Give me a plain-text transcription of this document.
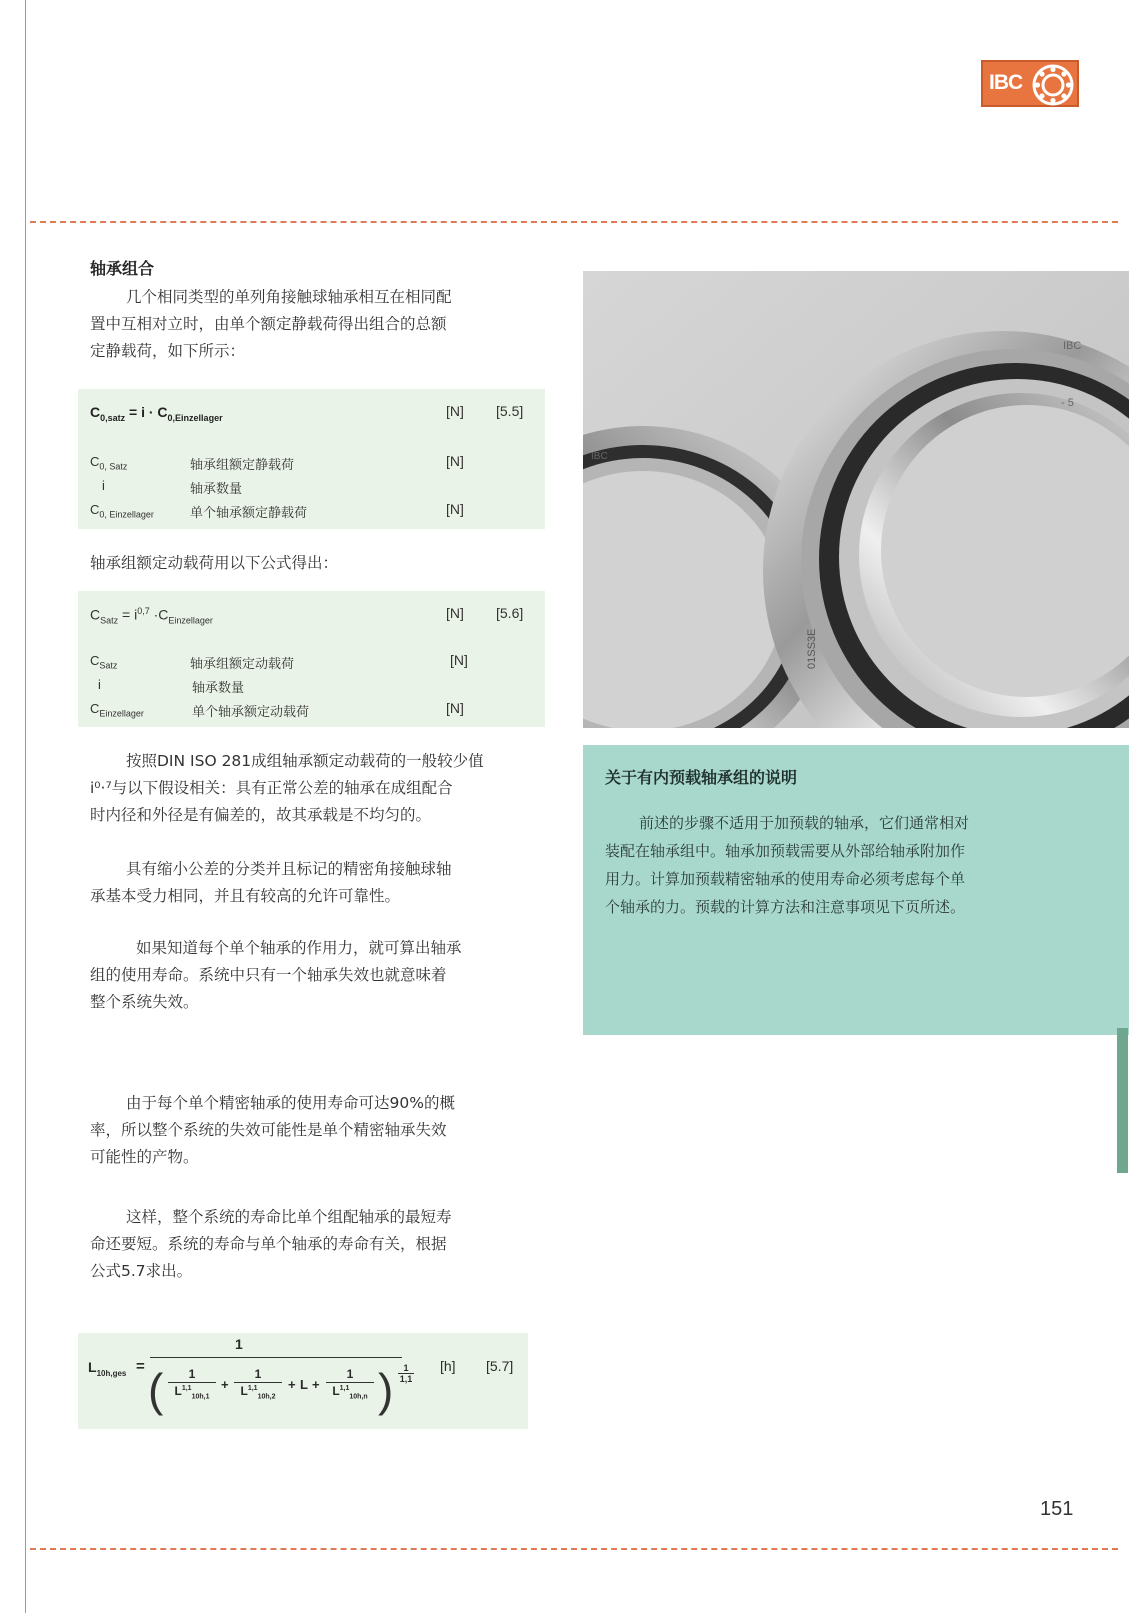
IBC
轴承组合

几个相同类型的单列角接触球轴承相互在相同配

置中互相对立时，由单个额定静载荷得出组合的总额

定静载荷，如下所示：

$C_{0,satz} = i \cdot C_{0,Einzellager}$	[N] [5.5]
$C_{0, Satz}$	轴承组额定静载荷	[N]
i	轴承数量
$C_{0, Einzellager}$	单个轴承额定静载荷	[N]
轴承组额定动载荷用以下公式得出：
$C_{Satz} = i^{0,7} \cdot C_{Einzellager}$	[N] [5.6]
$C_{Satz}$	轴承组额定动载荷	[N]
i	轴承数量
$C_{Einzellager}$	单个轴承额定动载荷	[N]

按照DIN ISO 281成组轴承额定动载荷的一般较少值

i⁰·⁷与以下假设相关：具有正常公差的轴承在成组配合

时内径和外径是有偏差的，故其承载是不均匀的。

具有缩小公差的分类并且标记的精密角接触球轴

承基本受力相同，并且有较高的允许可靠性。

如果知道每个单个轴承的作用力，就可算出轴承

组的使用寿命。系统中只有一个轴承失效也就意味着

整个系统失效。

由于每个单个精密轴承的使用寿命可达90%的概

率，所以整个系统的失效可能性是单个精密轴承失效

可能性的产物。

这样，整个系统的寿命比单个组配轴承的最短寿

命还要短。系统的寿命与单个轴承的寿命有关，根据

公式5.7求出。

$L_{10h,ges}$ =
1
(	1
L$^{1,1}_{10h,1}$
+
1
L$^{1,1}_{10h,2}$
+ L +
1
L$^{1,1}_{10h,n}$ )	1
1,1
[h] [5.7]
IBC
- 5
IBC
01SS3E
关于有内预载轴承组的说明
前述的步骤不适用于加预载的轴承，它们通常相对
装配在轴承组中。轴承加预载需要从外部给轴承附加作
用力。计算加预载精密轴承的使用寿命必须考虑每个单
个轴承的力。预载的计算方法和注意事项见下页所述。
151
